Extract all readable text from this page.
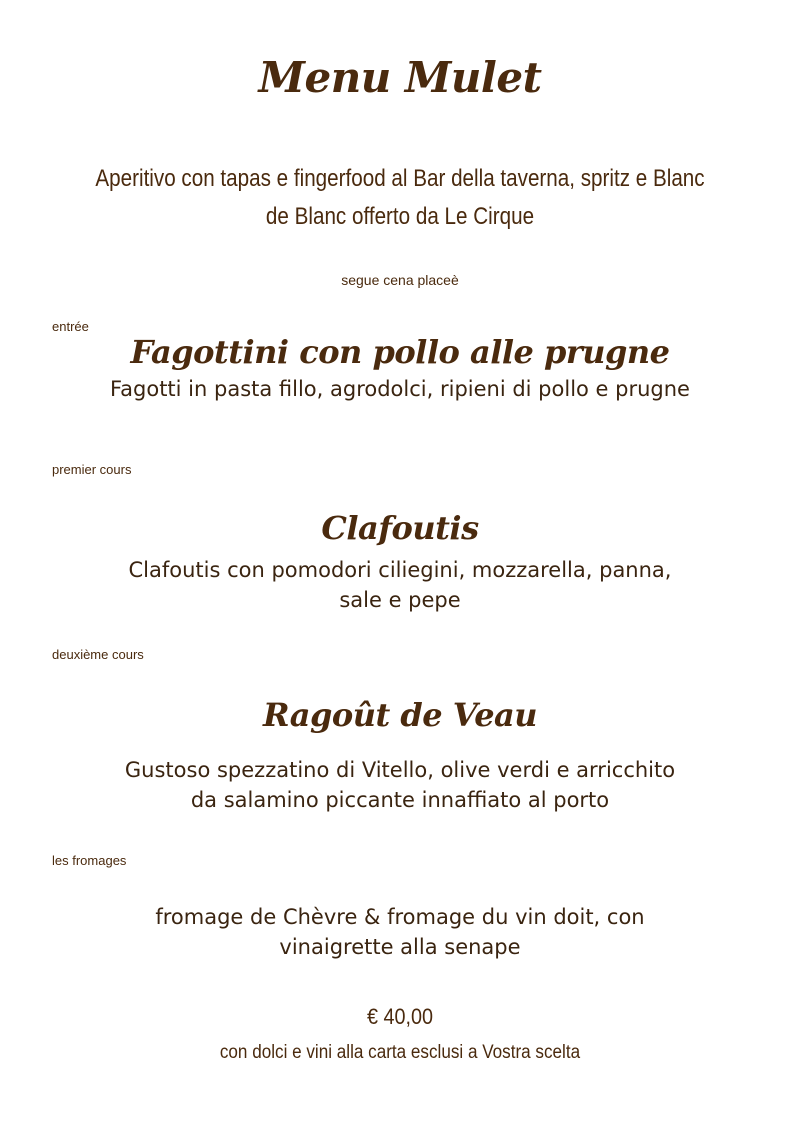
Menu Mulet

Aperitivo con tapas e fingerfood al Bar della taverna, spritz e Blanc
de Blanc offerto da Le Cirque

segue cena placeè

entrée

Fagottini con pollo alle prugne

Fagotti in pasta fillo, agrodolci, ripieni di pollo e prugne

premier cours

Clafoutis

Clafoutis con pomodori ciliegini, mozzarella, panna,
sale e pepe

deuxième cours

Ragoût de Veau

Gustoso spezzatino di Vitello, olive verdi e arricchito
da salamino piccante innaffiato al porto

les fromages

fromage de Chèvre & fromage du vin doit, con
vinaigrette alla senape

€ 40,00

con dolci e vini alla carta esclusi a Vostra scelta
